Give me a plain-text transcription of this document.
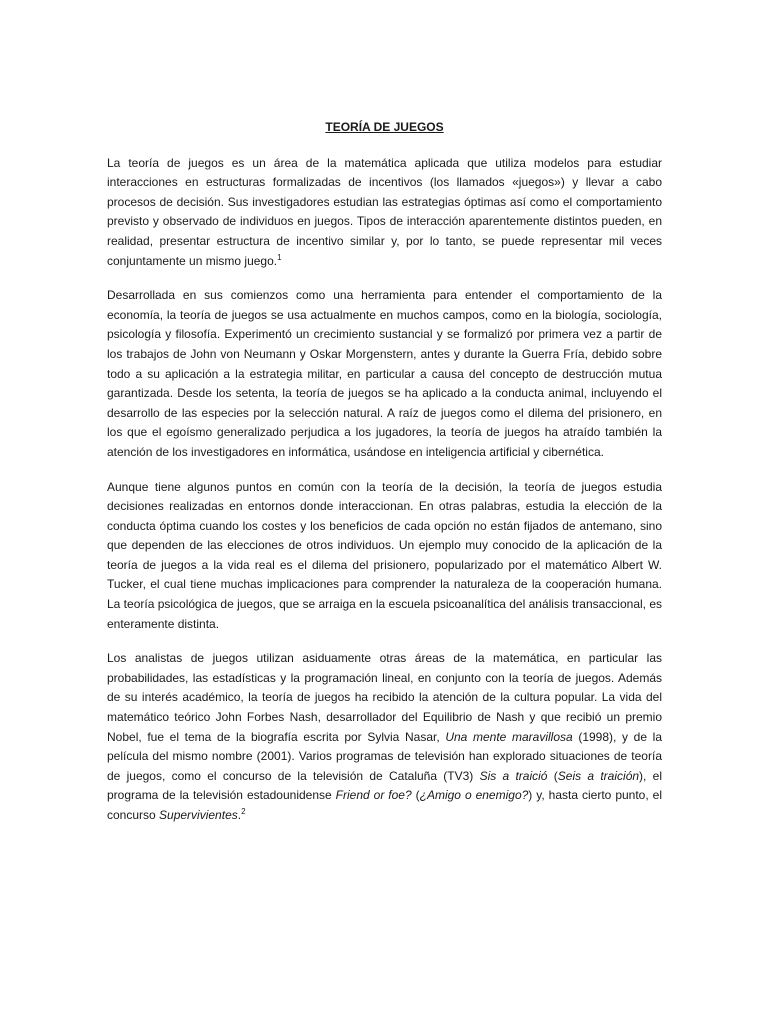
TEORÍA DE JUEGOS

La teoría de juegos es un área de la matemática aplicada que utiliza modelos para estudiar interacciones en estructuras formalizadas de incentivos (los llamados «juegos») y llevar a cabo procesos de decisión. Sus investigadores estudian las estrategias óptimas así como el comportamiento previsto y observado de individuos en juegos. Tipos de interacción aparentemente distintos pueden, en realidad, presentar estructura de incentivo similar y, por lo tanto, se puede representar mil veces conjuntamente un mismo juego.$^1$

Desarrollada en sus comienzos como una herramienta para entender el comportamiento de la economía, la teoría de juegos se usa actualmente en muchos campos, como en la biología, sociología, psicología y filosofía. Experimentó un crecimiento sustancial y se formalizó por primera vez a partir de los trabajos de John von Neumann y Oskar Morgenstern, antes y durante la Guerra Fría, debido sobre todo a su aplicación a la estrategia militar, en particular a causa del concepto de destrucción mutua garantizada. Desde los setenta, la teoría de juegos se ha aplicado a la conducta animal, incluyendo el desarrollo de las especies por la selección natural. A raíz de juegos como el dilema del prisionero, en los que el egoísmo generalizado perjudica a los jugadores, la teoría de juegos ha atraído también la atención de los investigadores en informática, usándose en inteligencia artificial y cibernética.

Aunque tiene algunos puntos en común con la teoría de la decisión, la teoría de juegos estudia decisiones realizadas en entornos donde interaccionan. En otras palabras, estudia la elección de la conducta óptima cuando los costes y los beneficios de cada opción no están fijados de antemano, sino que dependen de las elecciones de otros individuos. Un ejemplo muy conocido de la aplicación de la teoría de juegos a la vida real es el dilema del prisionero, popularizado por el matemático Albert W. Tucker, el cual tiene muchas implicaciones para comprender la naturaleza de la cooperación humana. La teoría psicológica de juegos, que se arraiga en la escuela psicoanalítica del análisis transaccional, es enteramente distinta.

Los analistas de juegos utilizan asiduamente otras áreas de la matemática, en particular las probabilidades, las estadísticas y la programación lineal, en conjunto con la teoría de juegos. Además de su interés académico, la teoría de juegos ha recibido la atención de la cultura popular. La vida del matemático teórico John Forbes Nash, desarrollador del Equilibrio de Nash y que recibió un premio Nobel, fue el tema de la biografía escrita por Sylvia Nasar, Una mente maravillosa (1998), y de la película del mismo nombre (2001). Varios programas de televisión han explorado situaciones de teoría de juegos, como el concurso de la televisión de Cataluña (TV3) Sis a traició (Seis a traición), el programa de la televisión estadounidense Friend or foe? (¿Amigo o enemigo?) y, hasta cierto punto, el concurso Supervivientes.$^2$
